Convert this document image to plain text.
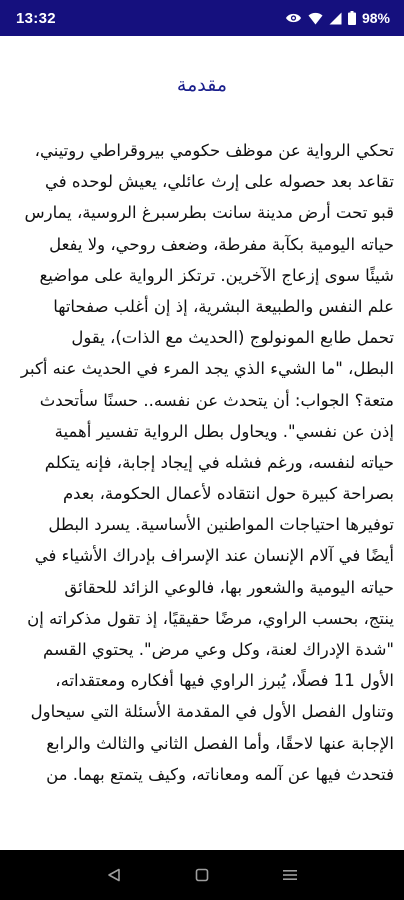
13:32	98%
مقدمة
تحكي الرواية عن موظف حكومي بيروقراطي روتيني،
تقاعد بعد حصوله على إرث عائلي، يعيش لوحده في
قبو تحت أرض مدينة سانت بطرسبرغ الروسية، يمارس
حياته اليومية بكآبة مفرطة، وضعف روحي، ولا يفعل
شيئًا سوى إزعاج الآخرين. ترتكز الرواية على مواضيع
علم النفس والطبيعة البشرية، إذ إن أغلب صفحاتها
تحمل طابع المونولوج (الحديث مع الذات)، يقول
البطل، "ما الشيء الذي يجد المرء في الحديث عنه أكبر
متعة؟ الجواب: أن يتحدث عن نفسه.. حسنًا سأتحدث
إذن عن نفسي". ويحاول بطل الرواية تفسير أهمية
حياته لنفسه، ورغم فشله في إيجاد إجابة، فإنه يتكلم
بصراحة كبيرة حول انتقاده لأعمال الحكومة، بعدم
توفيرها احتياجات المواطنين الأساسية. يسرد البطل
أيضًا في آلام الإنسان عند الإسراف بإدراك الأشياء في
حياته اليومية والشعور بها، فالوعي الزائد للحقائق
ينتج، بحسب الراوي، مرضًا حقيقيًا، إذ تقول مذكراته إن
"شدة الإدراك لعنة، وكل وعي مرض". يحتوي القسم
الأول 11 فصلًا، يُبرز الراوي فيها أفكاره ومعتقداته،
وتناول الفصل الأول في المقدمة الأسئلة التي سيحاول
الإجابة عنها لاحقًا، وأما الفصل الثاني والثالث والرابع
فتحدث فيها عن آلمه ومعاناته، وكيف يتمتع بهما. من
